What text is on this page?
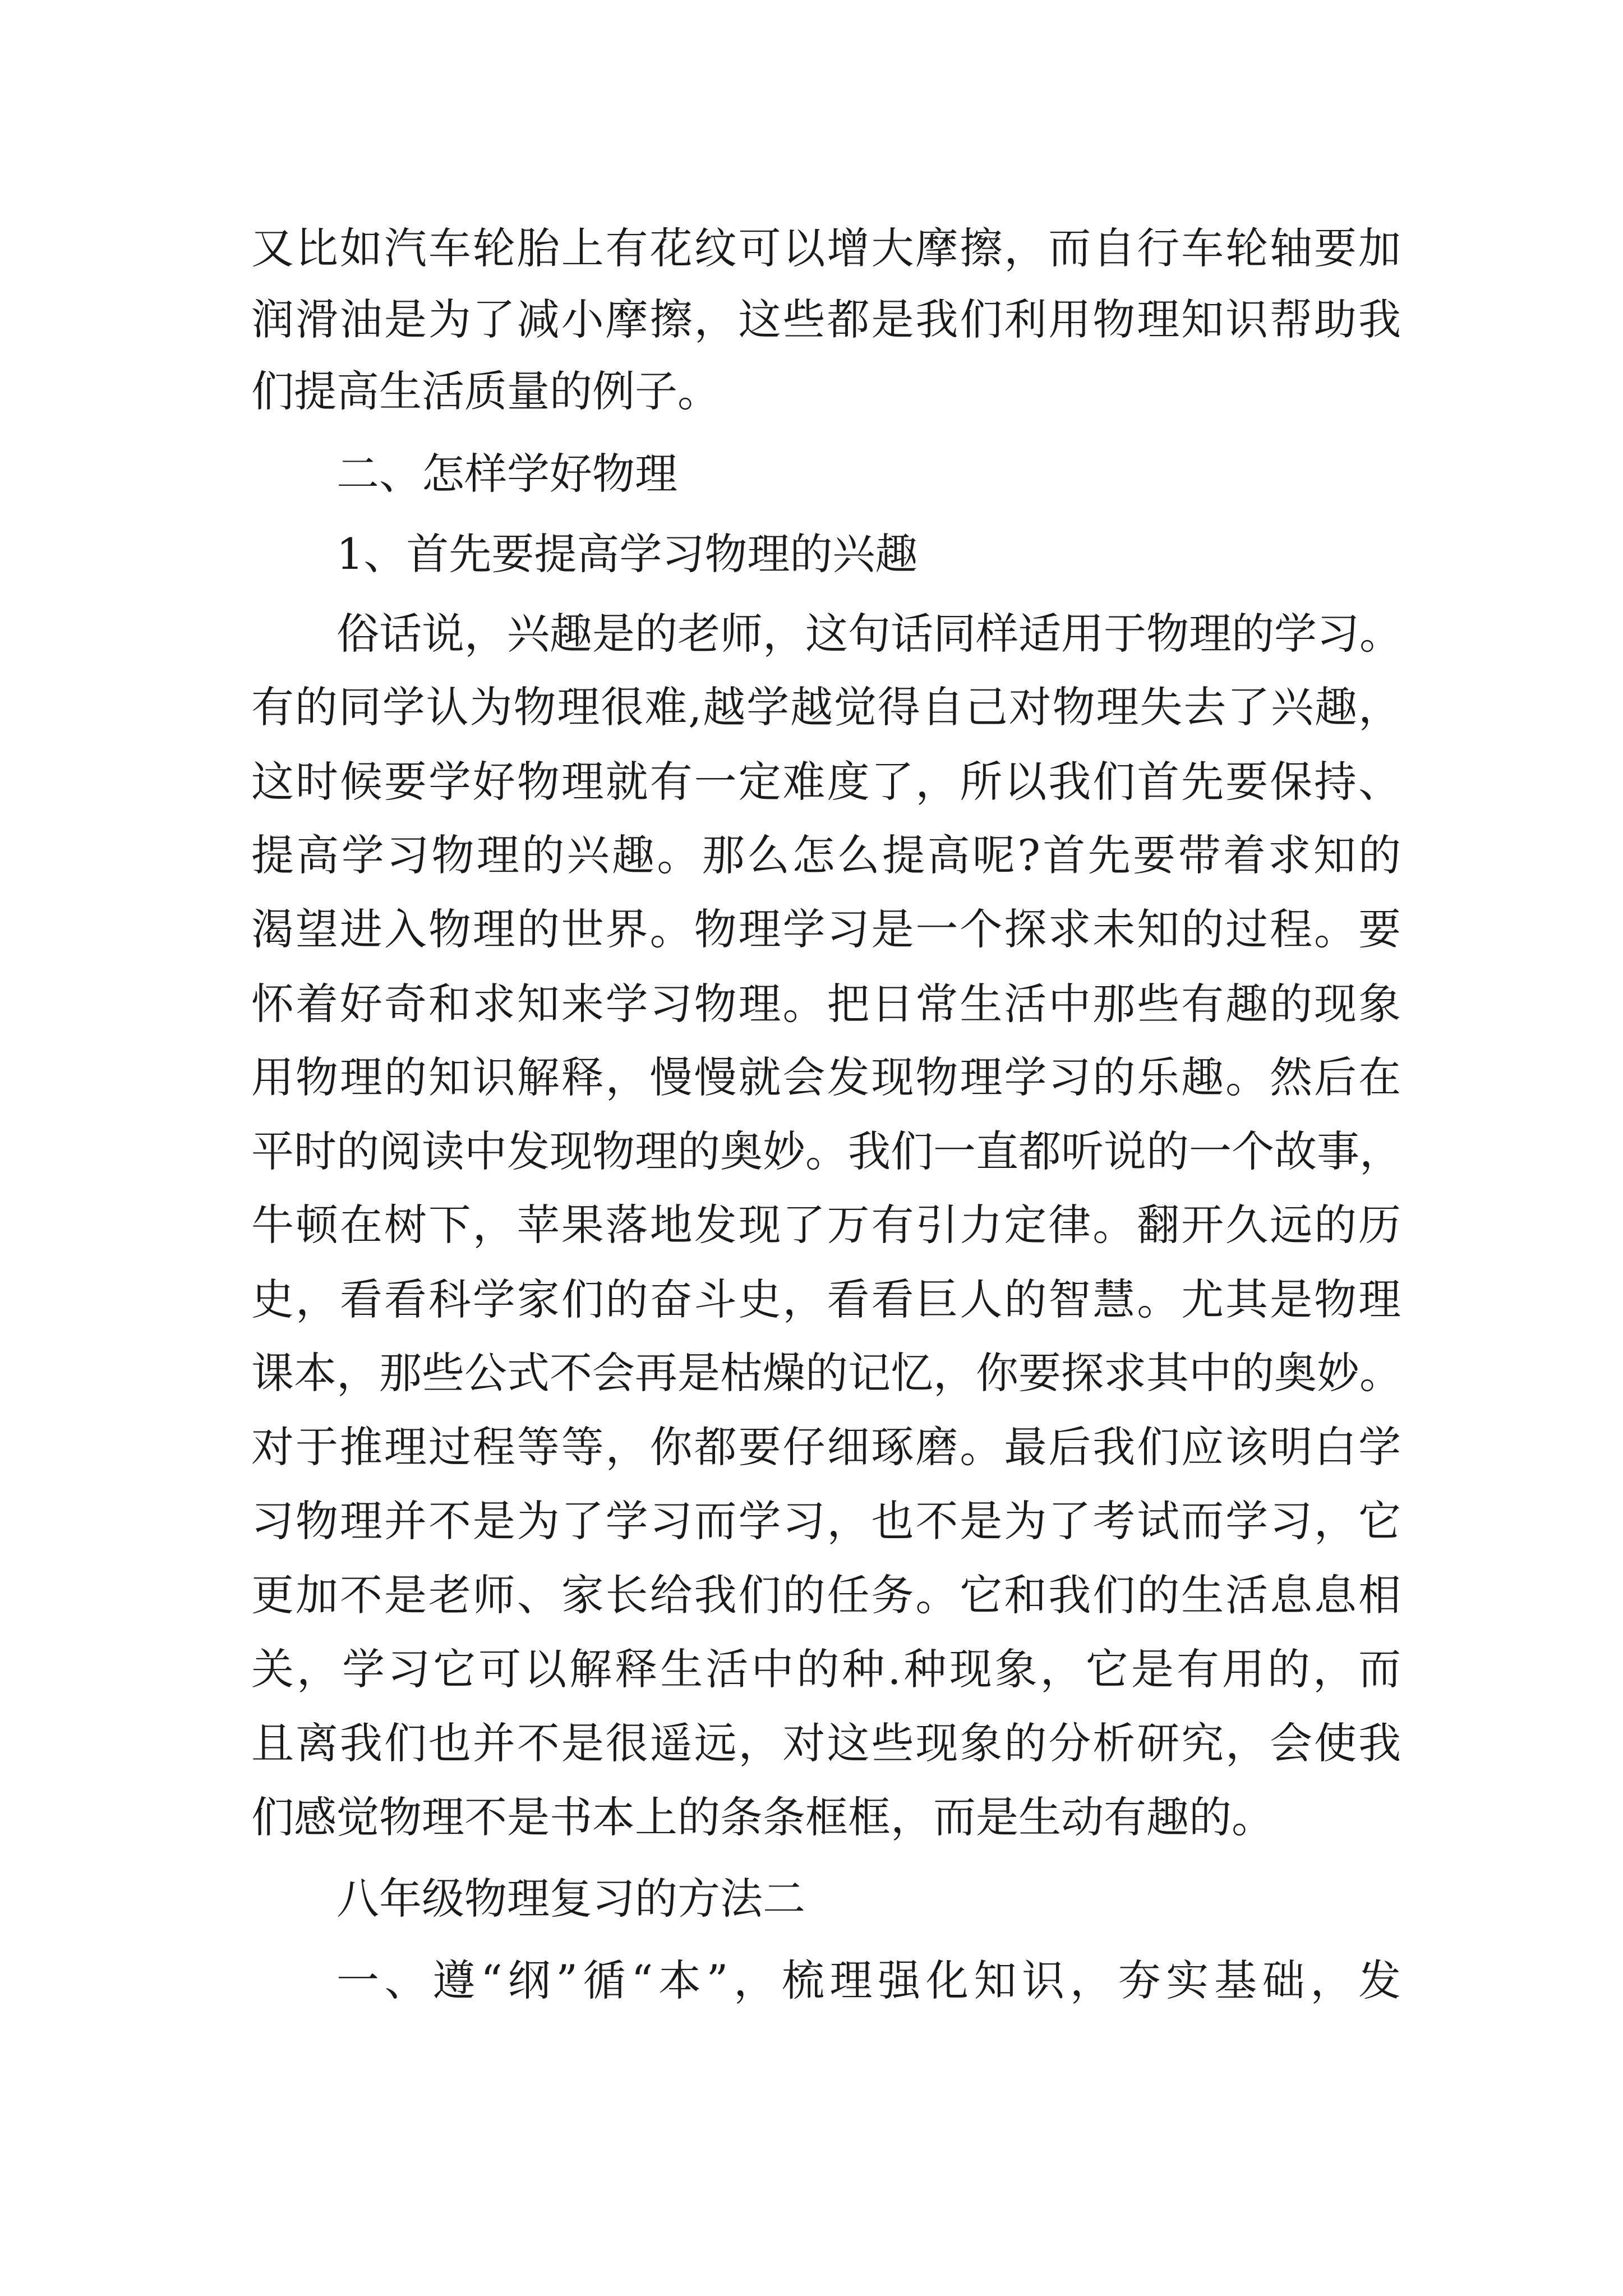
又比如汽车轮胎上有花纹可以增大摩擦，而自行车轮轴要加
润滑油是为了减小摩擦，这些都是我们利用物理知识帮助我
们提高生活质量的例子。
二、怎样学好物理
1、首先要提高学习物理的兴趣
俗话说，兴趣是的老师，这句话同样适用于物理的学习。
有的同学认为物理很难,越学越觉得自己对物理失去了兴趣，
这时候要学好物理就有一定难度了，所以我们首先要保持、
提高学习物理的兴趣。那么怎么提高呢?首先要带着求知的
渴望进入物理的世界。物理学习是一个探求未知的过程。要
怀着好奇和求知来学习物理。把日常生活中那些有趣的现象
用物理的知识解释，慢慢就会发现物理学习的乐趣。然后在
平时的阅读中发现物理的奥妙。我们一直都听说的一个故事，
牛顿在树下，苹果落地发现了万有引力定律。翻开久远的历
史，看看科学家们的奋斗史，看看巨人的智慧。尤其是物理
课本，那些公式不会再是枯燥的记忆，你要探求其中的奥妙。
对于推理过程等等，你都要仔细琢磨。最后我们应该明白学
习物理并不是为了学习而学习，也不是为了考试而学习，它
更加不是老师、家长给我们的任务。它和我们的生活息息相
关，学习它可以解释生活中的种.种现象，它是有用的，而
且离我们也并不是很遥远，对这些现象的分析研究，会使我
们感觉物理不是书本上的条条框框，而是生动有趣的。
八年级物理复习的方法二
一、遵“纲”循“本”，梳理强化知识，夯实基础，发
